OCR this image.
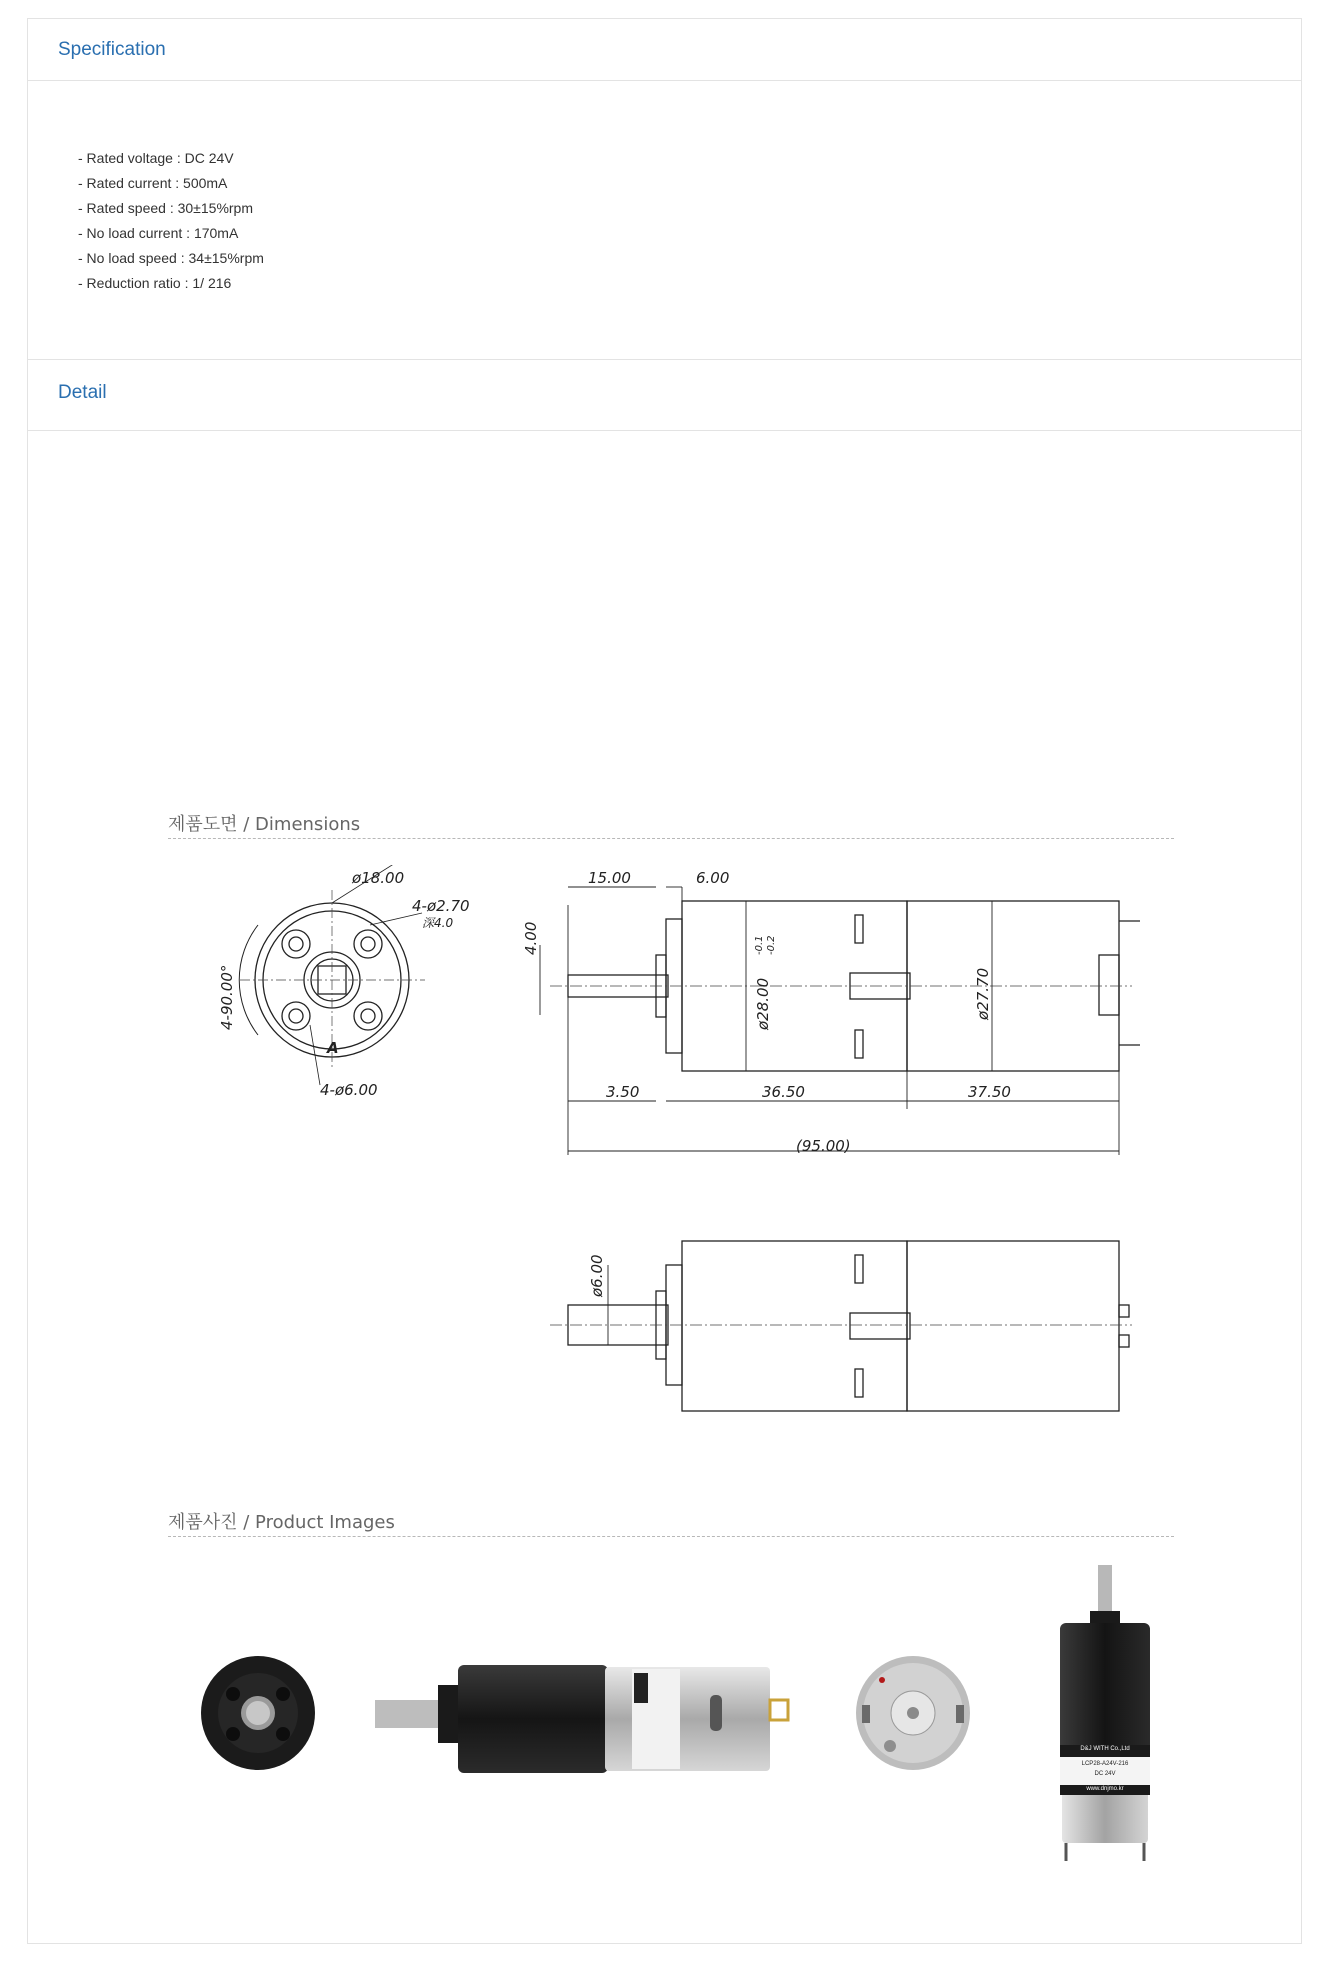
Specification
- Rated voltage : DC 24V
- Rated current : 500mA
- Rated speed : 30±15%rpm
- No load current : 170mA
- No load speed : 34±15%rpm
- Reduction ratio : 1/ 216
Detail
제품도면 / Dimensions
ø18.00
4-ø2.70
深4.0
4-90.00°
4-ø6.00
A
15.00	6.00
4.00
ø28.00
-0.1 -0.2
ø27.70
3.50	36.50	37.50
(95.00)
ø6.00
제품사진 / Product Images
D&J WITH Co.,Ltd
LCP28-A24V-216
DC 24V
www.dnjmo.kr
